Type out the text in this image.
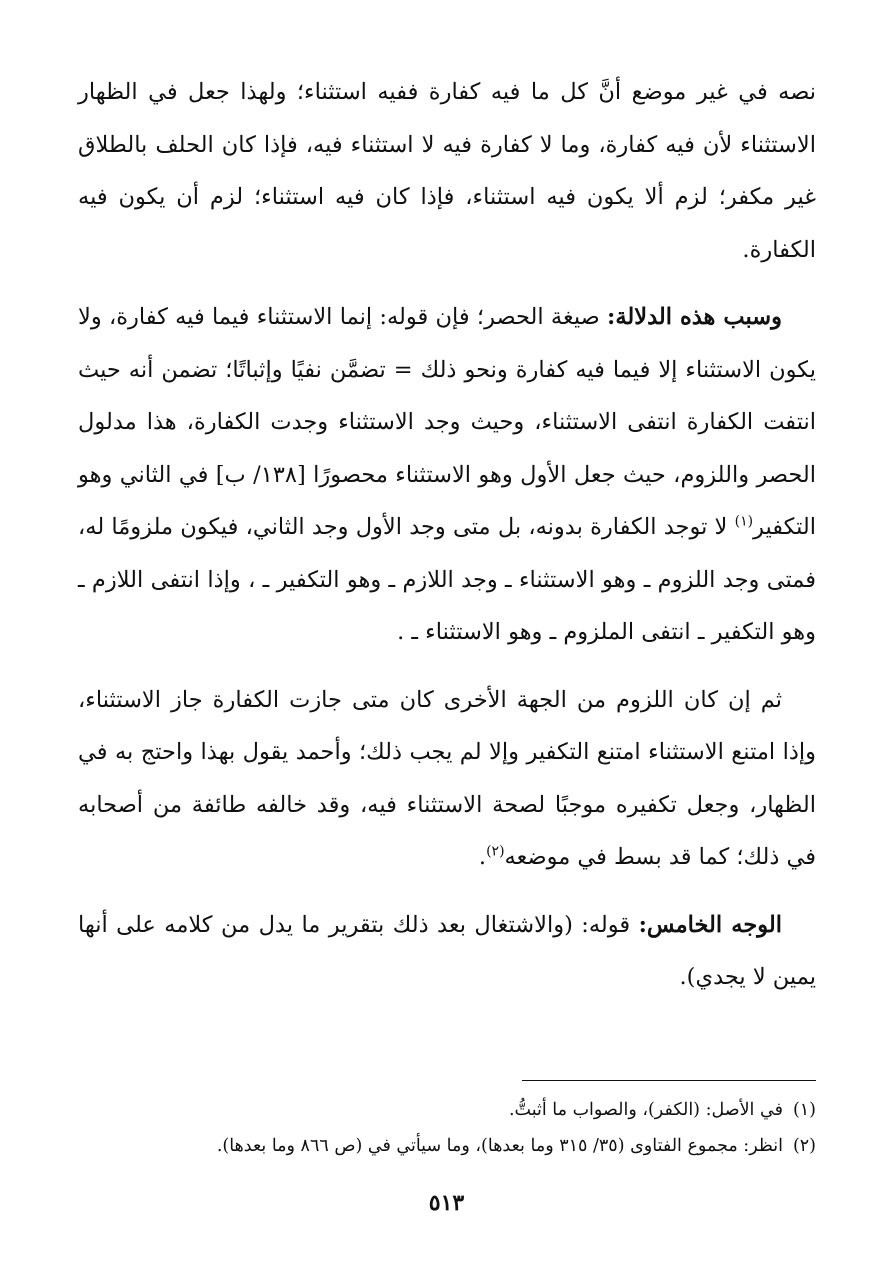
نصه في غير موضع أنَّ كل ما فيه كفارة ففيه استثناء؛ ولهذا جعل في الظهار الاستثناء لأن فيه كفارة، وما لا كفارة فيه لا استثناء فيه، فإذا كان الحلف بالطلاق غير مكفر؛ لزم ألا يكون فيه استثناء، فإذا كان فيه استثناء؛ لزم أن يكون فيه الكفارة.

وسبب هذه الدلالة: صيغة الحصر؛ فإن قوله: إنما الاستثناء فيما فيه كفارة، ولا يكون الاستثناء إلا فيما فيه كفارة ونحو ذلك = تضمَّن نفيًا وإثباتًا؛ تضمن أنه حيث انتفت الكفارة انتفى الاستثناء، وحيث وجد الاستثناء وجدت الكفارة، هذا مدلول الحصر واللزوم، حيث جعل الأول وهو الاستثناء محصورًا [١٣٨/ ب] في الثاني وهو التكفير$^{(١)}$ لا توجد الكفارة بدونه، بل متى وجد الأول وجد الثاني، فيكون ملزومًا له، فمتى وجد اللزوم ـ وهو الاستثناء ـ وجد اللازم ـ وهو التكفير ـ ، وإذا انتفى اللازم ـ وهو التكفير ـ انتفى الملزوم ـ وهو الاستثناء ـ .

ثم إن كان اللزوم من الجهة الأخرى كان متى جازت الكفارة جاز الاستثناء، وإذا امتنع الاستثناء امتنع التكفير وإلا لم يجب ذلك؛ وأحمد يقول بهذا واحتج به في الظهار، وجعل تكفيره موجبًا لصحة الاستثناء فيه، وقد خالفه طائفة من أصحابه في ذلك؛ كما قد بسط في موضعه$^{(٢)}$.

الوجه الخامس: قوله: (والاشتغال بعد ذلك بتقرير ما يدل من كلامه على أنها يمين لا يجدي).

(١)في الأصل: (الكفر)، والصواب ما أثبتُّ.

(٢)انظر: مجموع الفتاوى (٣٥/ ٣١٥ وما بعدها)، وما سيأتي في (ص ٨٦٦ وما بعدها).

٥١٣
